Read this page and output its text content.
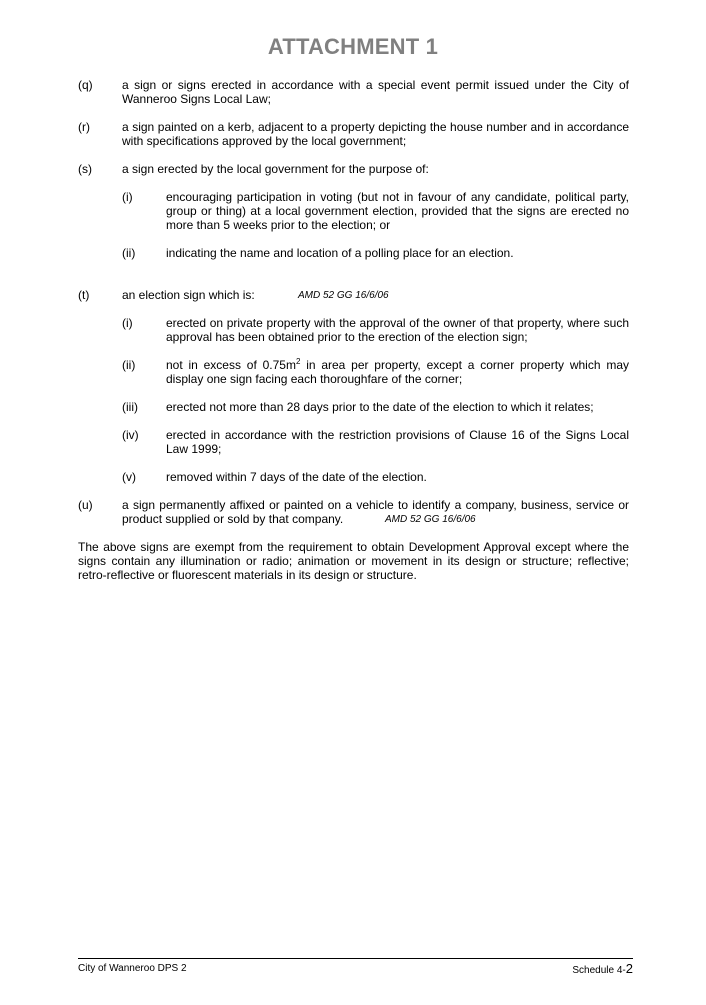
ATTACHMENT 1
(q) a sign or signs erected in accordance with a special event permit issued under the City of Wanneroo Signs Local Law;
(r)	a sign painted on a kerb, adjacent to a property depicting the house number and in accordance with specifications approved by the local government;
(s)	a sign erected by the local government for the purpose of:
(i)	encouraging participation in voting (but not in favour of any candidate, political party, group or thing) at a local government election, provided that the signs are erected no more than 5 weeks prior to the election; or
(ii)	indicating the name and location of a polling place for an election.
(t)	an election sign which is:	AMD 52 GG 16/6/06
(i)	erected on private property with the approval of the owner of that property, where such approval has been obtained prior to the erection of the election sign;
(ii)	not in excess of $0.75m^2$ in area per property, except a corner property which may display one sign facing each thoroughfare of the corner;
(iii) erected not more than 28 days prior to the date of the election to which it relates;
(iv) erected in accordance with the restriction provisions of Clause 16 of the Signs Local Law 1999;
(v)	removed within 7 days of the date of the election.
(u) a sign permanently affixed or painted on a vehicle to identify a company, business, service or product supplied or sold by that company.	AMD 52 GG 16/6/06
The above signs are exempt from the requirement to obtain Development Approval except where the signs contain any illumination or radio; animation or movement in its design or structure; reflective; retro-reflective or fluorescent materials in its design or structure.
City of Wanneroo DPS 2	Schedule 4-2
